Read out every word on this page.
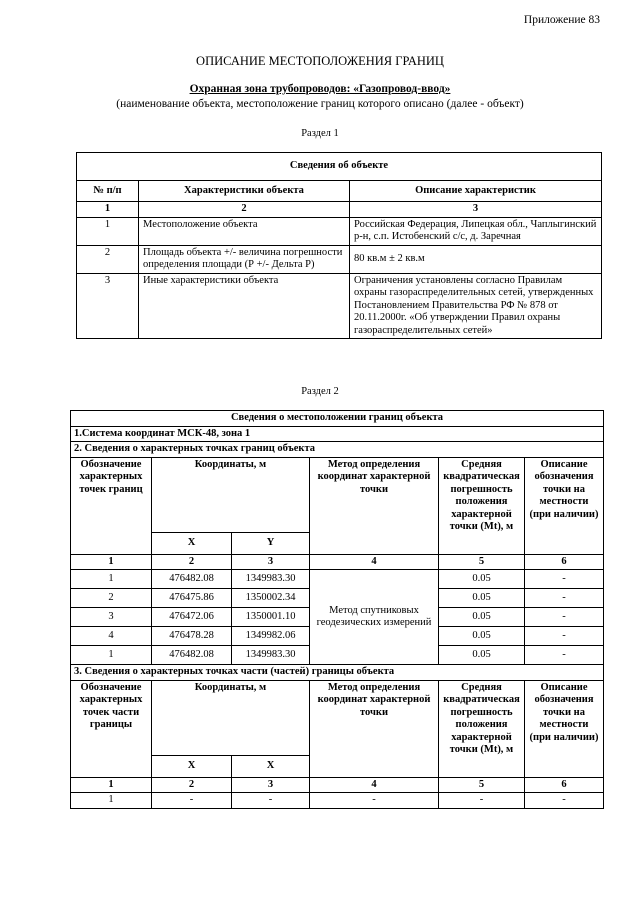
Приложение 83
ОПИСАНИЕ МЕСТОПОЛОЖЕНИЯ ГРАНИЦ
Охранная зона трубопроводов: «Газопровод-ввод»
(наименование объекта, местоположение границ которого описано (далее - объект)
Раздел 1
Сведения об объекте		
№ п/п	Характеристики объекта	Описание характеристик
1	2	3
1	Местоположение объекта	Российская Федерация, Липецкая обл., Чаплыгинский р-н, с.п. Истобенский с/с, д. Заречная
2	Площадь объекта +/- величина погрешности определения площади (Р +/- Дельта Р)	80 кв.м ± 2 кв.м
3	Иные характеристики объекта	Ограничения установлены согласно Правилам охраны газораспределительных сетей, утвержденных Постановлением Правительства РФ № 878 от 20.11.2000г. «Об утверждении Правил охраны газораспределительных сетей»
Раздел 2
Сведения о местоположении границ объекта					
1.Система координат МСК-48, зона 1					
2. Сведения о характерных точках границ объекта					
Обозначение характерных точек границ	Координаты, м		Метод определения координат характерной точки	Средняя квадратическая погрешность положения характерной точки (Mt), м	Описание обозначения точки на местности (при наличии)
	X	Y			
1	2	3	4	5	6
1	476482.08	1349983.30	Метод спутниковых геодезических измерений	0.05	-
2	476475.86	1350002.34		0.05	-
3	476472.06	1350001.10		0.05	-
4	476478.28	1349982.06		0.05	-
1	476482.08	1349983.30		0.05	-
3. Сведения о характерных точках части (частей) границы объекта					
Обозначение характерных точек части границы	Координаты, м		Метод определения координат характерной точки	Средняя квадратическая погрешность положения характерной точки (Mt), м	Описание обозначения точки на местности (при наличии)
	X	X			
1	2	3	4	5	6
1	-	-	-	-	-
